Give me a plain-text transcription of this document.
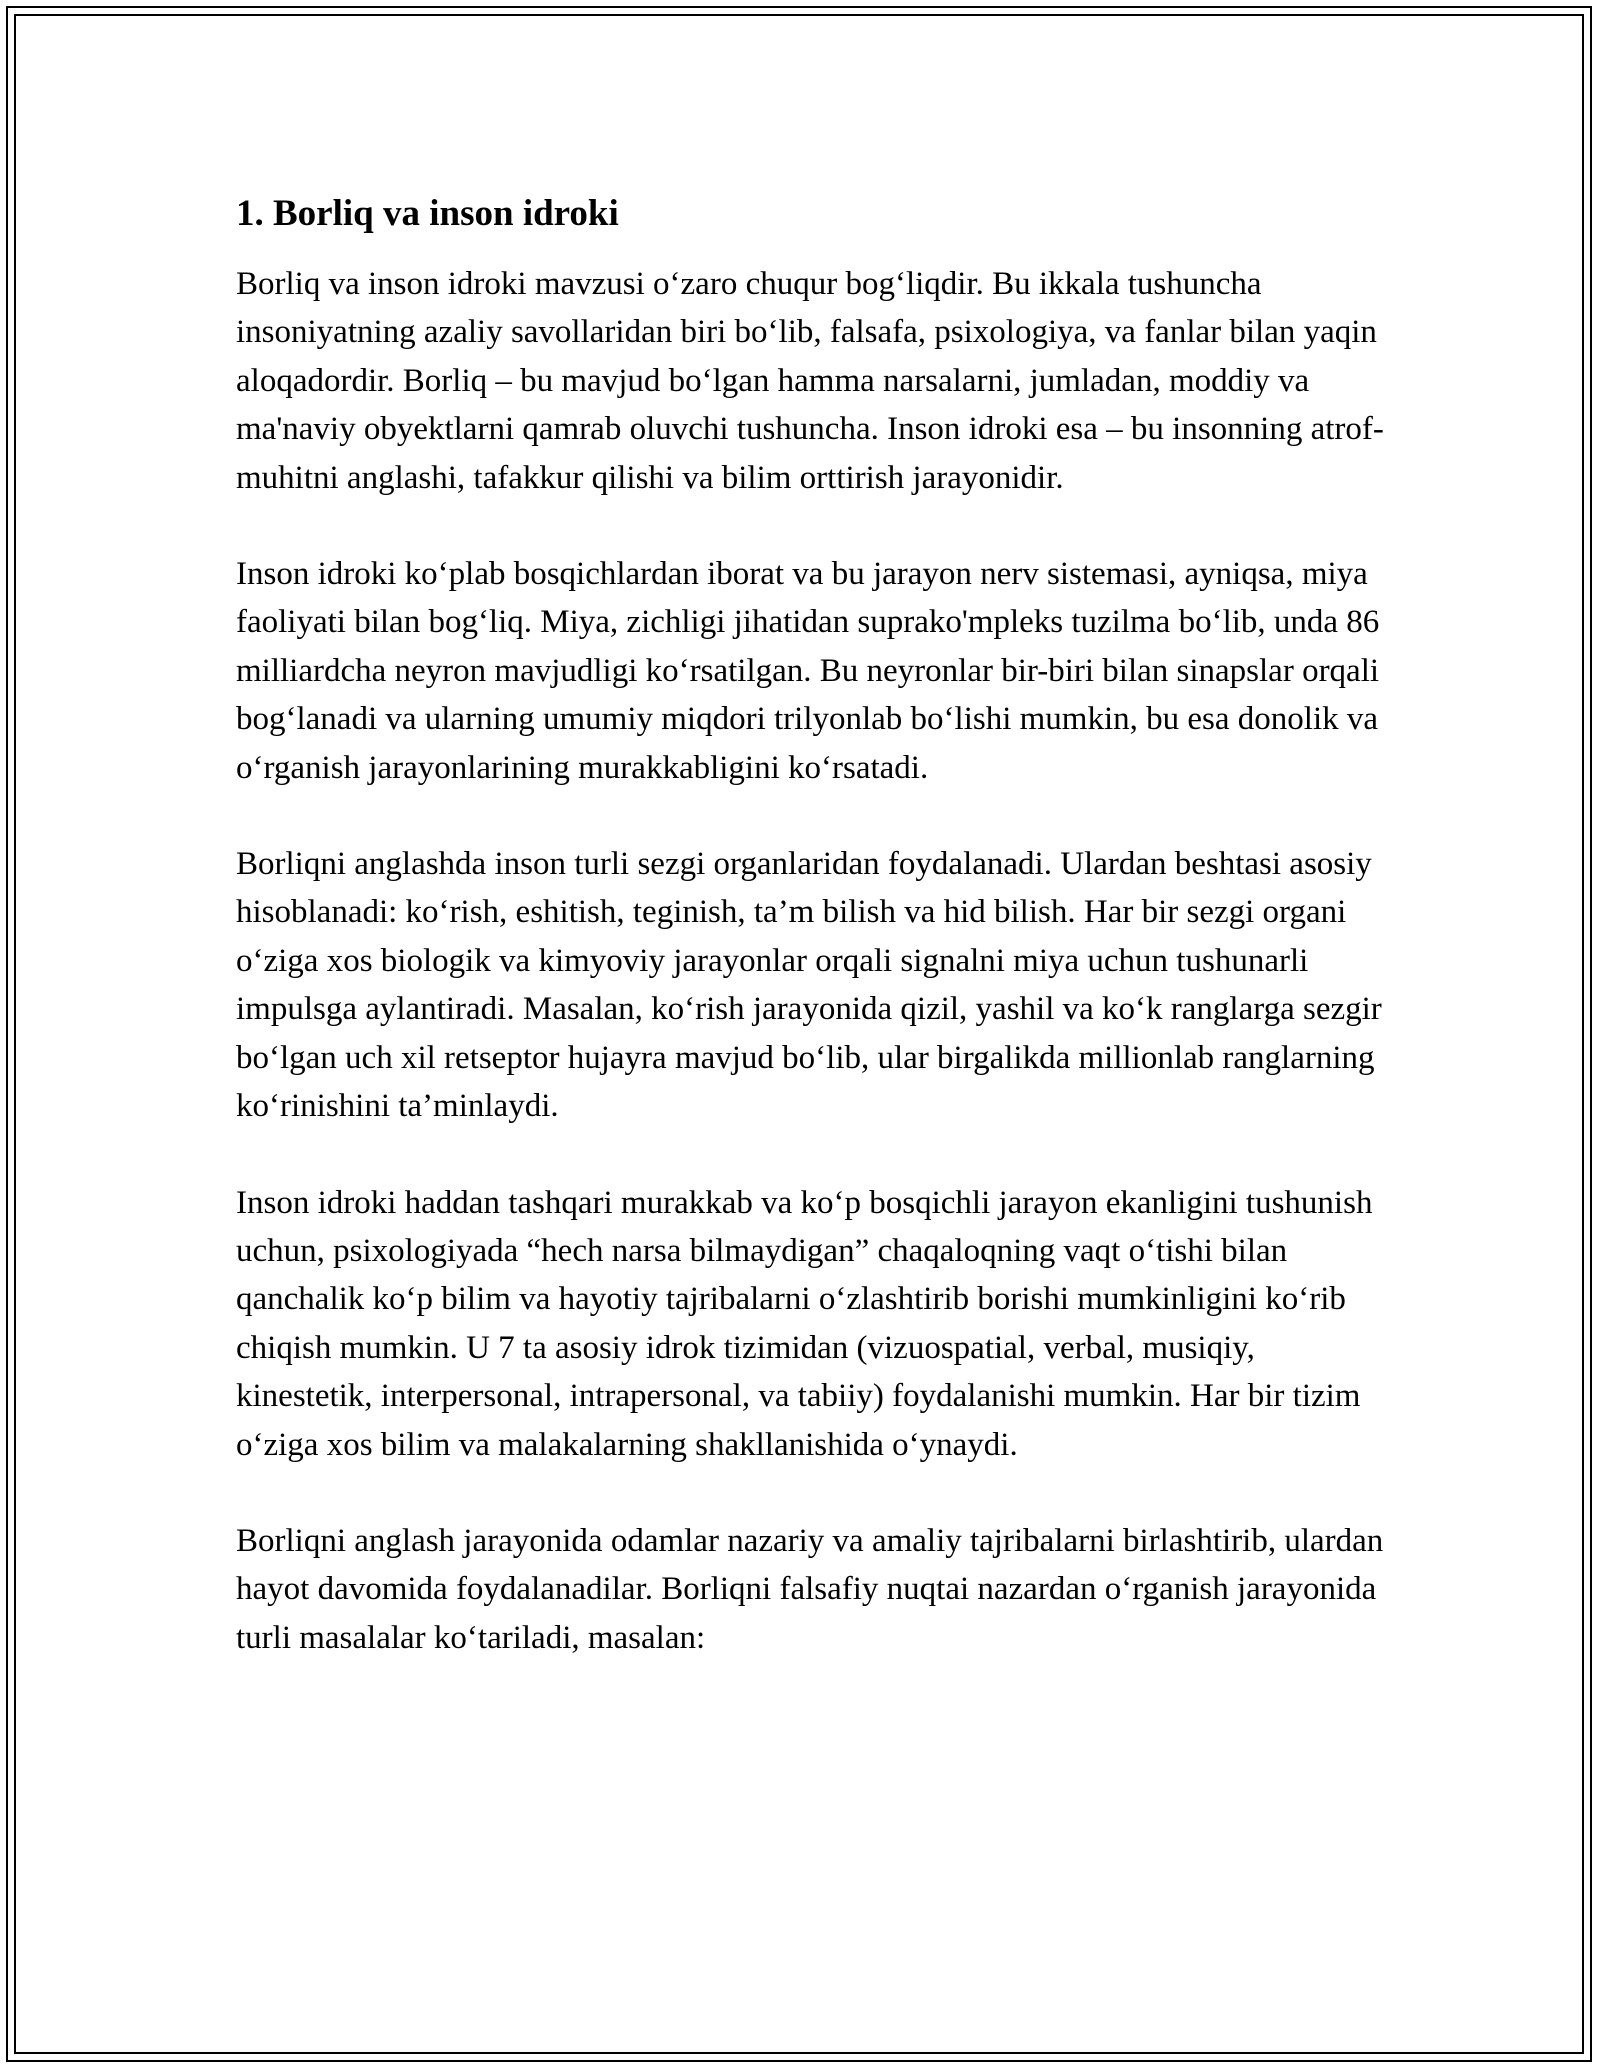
1. Borliq va inson idroki

Borliq va inson idroki mavzusi o‘zaro chuqur bog‘liqdir. Bu ikkala tushuncha insoniyatning azaliy savollaridan biri bo‘lib, falsafa, psixologiya, va fanlar bilan yaqin aloqadordir. Borliq – bu mavjud bo‘lgan hamma narsalarni, jumladan, moddiy va ma'naviy obyektlarni qamrab oluvchi tushuncha. Inson idroki esa – bu insonning atrof-muhitni anglashi, tafakkur qilishi va bilim orttirish jarayonidir.

Inson idroki ko‘plab bosqichlardan iborat va bu jarayon nerv sistemasi, ayniqsa, miya faoliyati bilan bog‘liq. Miya, zichligi jihatidan suprako'mpleks tuzilma bo‘lib, unda 86 milliardcha neyron mavjudligi ko‘rsatilgan. Bu neyronlar bir-biri bilan sinapslar orqali bog‘lanadi va ularning umumiy miqdori trilyonlab bo‘lishi mumkin, bu esa donolik va o‘rganish jarayonlarining murakkabligini ko‘rsatadi.

Borliqni anglashda inson turli sezgi organlaridan foydalanadi. Ulardan beshtasi asosiy hisoblanadi: ko‘rish, eshitish, teginish, ta’m bilish va hid bilish. Har bir sezgi organi o‘ziga xos biologik va kimyoviy jarayonlar orqali signalni miya uchun tushunarli impulsga aylantiradi. Masalan, ko‘rish jarayonida qizil, yashil va ko‘k ranglarga sezgir bo‘lgan uch xil retseptor hujayra mavjud bo‘lib, ular birgalikda millionlab ranglarning ko‘rinishini ta’minlaydi.

Inson idroki haddan tashqari murakkab va ko‘p bosqichli jarayon ekanligini tushunish uchun, psixologiyada “hech narsa bilmaydigan” chaqaloqning vaqt o‘tishi bilan qanchalik ko‘p bilim va hayotiy tajribalarni o‘zlashtirib borishi mumkinligini ko‘rib chiqish mumkin. U 7 ta asosiy idrok tizimidan (vizuospatial, verbal, musiqiy, kinestetik, interpersonal, intrapersonal, va tabiiy) foydalanishi mumkin. Har bir tizim o‘ziga xos bilim va malakalarning shakllanishida o‘ynaydi.

Borliqni anglash jarayonida odamlar nazariy va amaliy tajribalarni birlashtirib, ulardan hayot davomida foydalanadilar. Borliqni falsafiy nuqtai nazardan o‘rganish jarayonida turli masalalar ko‘tariladi, masalan:
